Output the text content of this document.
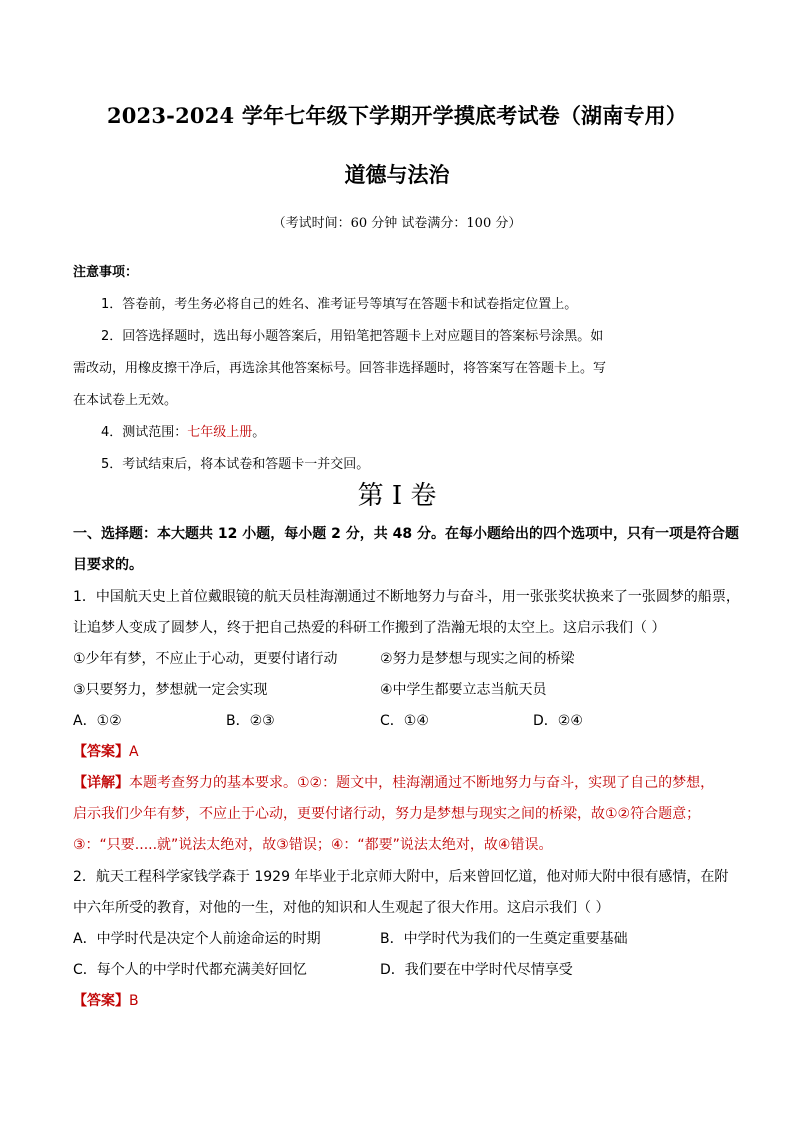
2023-2024 学年七年级下学期开学摸底考试卷（湖南专用）
道德与法治
（考试时间：60 分钟 试卷满分：100 分）
注意事项：
1．答卷前，考生务必将自己的姓名、准考证号等填写在答题卡和试卷指定位置上。
2．回答选择题时，选出每小题答案后，用铅笔把答题卡上对应题目的答案标号涂黑。如
需改动，用橡皮擦干净后，再选涂其他答案标号。回答非选择题时，将答案写在答题卡上。写
在本试卷上无效。
4．测试范围：七年级上册。
5．考试结束后，将本试卷和答题卡一并交回。
第 I 卷
一、选择题：本大题共 12 小题，每小题 2 分，共 48 分。在每小题给出的四个选项中，只有一项是符合题
目要求的。
1．中国航天史上首位戴眼镜的航天员桂海潮通过不断地努力与奋斗，用一张张奖状换来了一张圆梦的船票，
让追梦人变成了圆梦人，终于把自己热爱的科研工作搬到了浩瀚无垠的太空上。这启示我们（ ）
①少年有梦，不应止于心动，更要付诸行动	②努力是梦想与现实之间的桥梁
③只要努力，梦想就一定会实现	④中学生都要立志当航天员
A．①②	B．②③	C．①④	D．②④
【答案】A
【详解】本题考查努力的基本要求。①②：题文中，桂海潮通过不断地努力与奋斗，实现了自己的梦想，
启示我们少年有梦，不应止于心动，更要付诸行动，努力是梦想与现实之间的桥梁，故①②符合题意；
③：“只要.....就”说法太绝对，故③错误；④：“都要”说法太绝对，故④错误。
2．航天工程科学家钱学森于 1929 年毕业于北京师大附中，后来曾回忆道，他对师大附中很有感情，在附
中六年所受的教育，对他的一生，对他的知识和人生观起了很大作用。这启示我们（ ）
A．中学时代是决定个人前途命运的时期	B．中学时代为我们的一生奠定重要基础
C．每个人的中学时代都充满美好回忆	D．我们要在中学时代尽情享受
【答案】B
